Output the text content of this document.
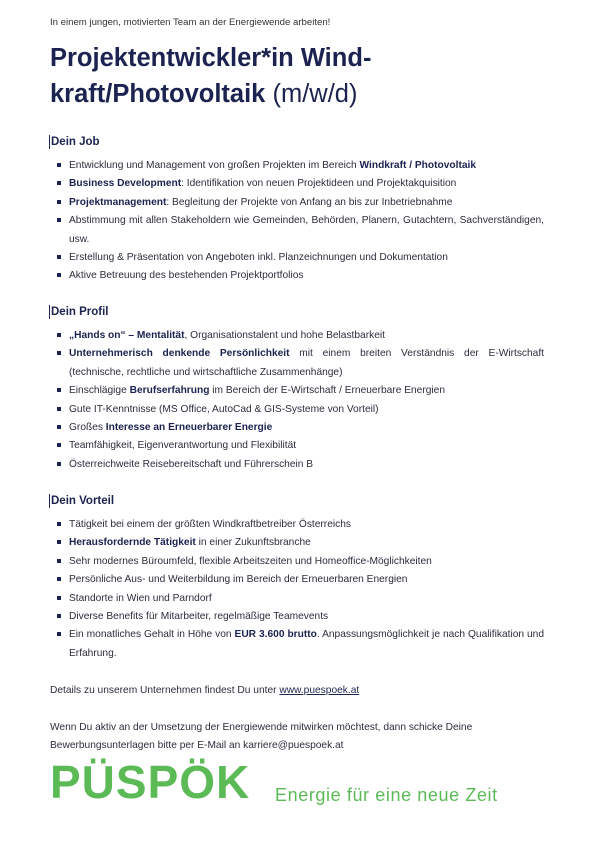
In einem jungen, motivierten Team an der Energiewende arbeiten!
Projektentwickler*in Windkraft/Photovoltaik (m/w/d)
Dein Job
Entwicklung und Management von großen Projekten im Bereich Windkraft / Photovoltaik
Business Development: Identifikation von neuen Projektideen und Projektakquisition
Projektmanagement: Begleitung der Projekte von Anfang an bis zur Inbetriebnahme
Abstimmung mit allen Stakeholdern wie Gemeinden, Behörden, Planern, Gutachtern, Sachverständigen, usw.
Erstellung & Präsentation von Angeboten inkl. Planzeichnungen und Dokumentation
Aktive Betreuung des bestehenden Projektportfolios
Dein Profil
„Hands on“ – Mentalität, Organisationstalent und hohe Belastbarkeit
Unternehmerisch denkende Persönlichkeit mit einem breiten Verständnis der E-Wirtschaft (technische, rechtliche und wirtschaftliche Zusammenhänge)
Einschlägige Berufserfahrung im Bereich der E-Wirtschaft / Erneuerbare Energien
Gute IT-Kenntnisse (MS Office, AutoCad & GIS-Systeme von Vorteil)
Großes Interesse an Erneuerbarer Energie
Teamfähigkeit, Eigenverantwortung und Flexibilität
Österreichweite Reisebereitschaft und Führerschein B
Dein Vorteil
Tätigkeit bei einem der größten Windkraftbetreiber Österreichs
Herausfordernde Tätigkeit in einer Zukunftsbranche
Sehr modernes Büroumfeld, flexible Arbeitszeiten und Homeoffice-Möglichkeiten
Persönliche Aus- und Weiterbildung im Bereich der Erneuerbaren Energien
Standorte in Wien und Parndorf
Diverse Benefits für Mitarbeiter, regelmäßige Teamevents
Ein monatliches Gehalt in Höhe von EUR 3.600 brutto. Anpassungsmöglichkeit je nach Qualifikation und Erfahrung.
Details zu unserem Unternehmen findest Du unter www.puespoek.at
Wenn Du aktiv an der Umsetzung der Energiewende mitwirken möchtest, dann schicke Deine Bewerbungsunterlagen bitte per E-Mail an karriere@puespoek.at
PÜSPÖK Energie für eine neue Zeit
